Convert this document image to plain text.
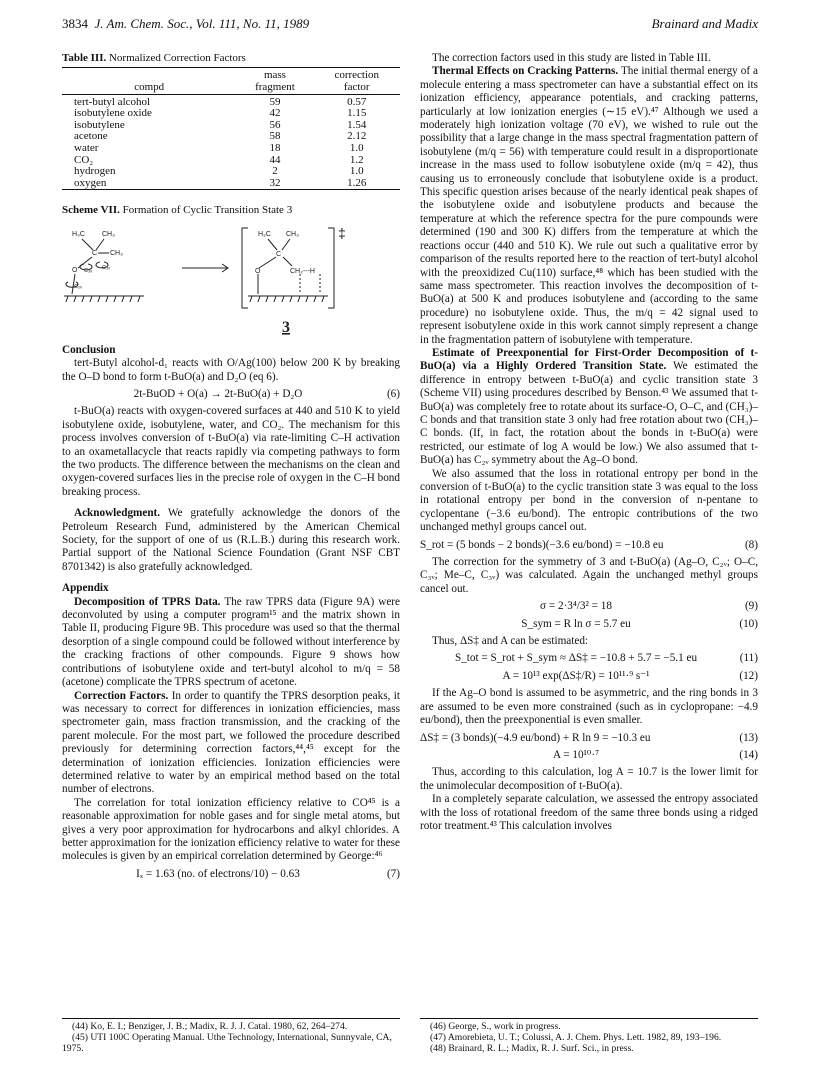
3834 J. Am. Chem. Soc., Vol. 111, No. 11, 1989	Brainard and Madix
Table III. Normalized Correction Factors
	mass	correction
compd	fragment	factor
tert-butyl alcohol	59	0.57
isobutylene oxide	42	1.15
isobutylene	56	1.54
acetone	58	2.12
water	18	1.0
CO₂	44	1.2
hydrogen	2	1.0
oxygen	32	1.26
Scheme VII. Formation of Cyclic Transition State 3
H₃C CH₃
CH₃
C
O C₃ᵥ C₃ᵥ
C₂ᵥ
H₃C CH₃
C
O	CH₂---H
‡
3
Conclusion

tert-Butyl alcohol-d₁ reacts with O/Ag(100) below 200 K by breaking the O–D bond to form t-BuO(a) and D₂O (eq 6).

2t-BuOD + O(a) → 2t-BuO(a) + D₂O	(6)

t-BuO(a) reacts with oxygen-covered surfaces at 440 and 510 K to yield isobutylene oxide, isobutylene, water, and CO₂. The mechanism for this process involves conversion of t-BuO(a) via rate-limiting C–H activation to an oxametallacycle that reacts rapidly via competing pathways to form the two products. The difference between the mechanisms on the clean and oxygen-covered surfaces lies in the precise role of oxygen in the C–H bond breaking process.

Acknowledgment. We gratefully acknowledge the donors of the Petroleum Research Fund, administered by the American Chemical Society, for the support of one of us (R.L.B.) during this research work. Partial support of the National Science Foundation (Grant NSF CBT 8701342) is also gratefully acknowledged.

Appendix

Decomposition of TPRS Data. The raw TPRS data (Figure 9A) were deconvoluted by using a computer program¹⁵ and the matrix shown in Table II, producing Figure 9B. This procedure was used so that the thermal desorption of a single compound could be followed without interference by the cracking fractions of other compounds. Figure 9 shows how contributions of isobutylene oxide and tert-butyl alcohol to m/q = 58 (acetone) complicate the TPRS spectrum of acetone.

Correction Factors. In order to quantify the TPRS desorption peaks, it was necessary to correct for differences in ionization efficiencies, mass spectrometer gain, mass fraction transmission, and the cracking of the parent molecule. For the most part, we followed the procedure described previously for determining correction factors,⁴⁴,⁴⁵ except for the determination of ionization efficiencies. Ionization efficiencies were determined relative to water by an empirical method based on the total number of electrons.

The correlation for total ionization efficiency relative to CO⁴⁵ is a reasonable approximation for noble gases and for single metal atoms, but gives a very poor approximation for hydrocarbons and alkyl chlorides. A better approximation for the ionization efficiency relative to water for these molecules is given by an empirical correlation determined by George:⁴⁶

Iₓ = 1.63 (no. of electrons/10) − 0.63	(7)

The correction factors used in this study are listed in Table III.

Thermal Effects on Cracking Patterns. The initial thermal energy of a molecule entering a mass spectrometer can have a substantial effect on its ionization efficiency, appearance potentials, and cracking patterns, particularly at low ionization energies (∼15 eV).⁴⁷ Although we used a moderately high ionization voltage (70 eV), we wished to rule out the possibility that a large change in the mass spectral fragmentation pattern of isobutylene (m/q = 56) with temperature could result in a disproportionate increase in the mass used to follow isobutylene oxide (m/q = 42), thus causing us to erroneously conclude that isobutylene oxide is a product. This specific question arises because of the nearly identical peak shapes of the isobutylene oxide and isobutylene products and because the temperature at which the reference spectra for the pure compounds were determined (190 and 300 K) differs from the temperature at which the reactions occur (440 and 510 K). We rule out such a qualitative error by comparison of the results reported here to the reaction of tert-butyl alcohol with the preoxidized Cu(110) surface,⁴⁸ which has been studied with the same mass spectrometer. This reaction involves the decomposition of t-BuO(a) at 500 K and produces isobutylene and (according to the same procedure) no isobutylene oxide. Thus, the m/q = 42 signal used to represent isobutylene oxide in this work cannot simply represent a change in the fragmentation pattern of isobutylene with temperature.

Estimate of Preexponential for First-Order Decomposition of t-BuO(a) via a Highly Ordered Transition State. We estimated the difference in entropy between t-BuO(a) and cyclic transition state 3 (Scheme VII) using procedures described by Benson.⁴³ We assumed that t-BuO(a) was completely free to rotate about its surface-O, O–C, and (CH₃)–C bonds and that transition state 3 only had free rotation about two (CH₃)–C bonds. (If, in fact, the rotation about the bonds in t-BuO(a) were restricted, our estimate of log A would be low.) We also assumed that t-BuO(a) has C₂ᵥ symmetry about the Ag–O bond.

We also assumed that the loss in rotational entropy per bond in the conversion of t-BuO(a) to the cyclic transition state 3 was equal to the loss in rotational entropy per bond in the conversion of n-pentane to cyclopentane (−3.6 eu/bond). The entropic contributions of the two unchanged methyl groups cancel out.

S_rot = (5 bonds − 2 bonds)(−3.6 eu/bond) = −10.8 eu	(8)

The correction for the symmetry of 3 and t-BuO(a) (Ag–O, C₂ᵥ; O–C, C₃ᵥ; Me–C, C₃ᵥ) was calculated. Again the unchanged methyl groups cancel out.

σ = 2·3⁴/3² = 18	(9)
S_sym = R ln σ = 5.7 eu	(10)

Thus, ΔS‡ and A can be estimated:

S_tot = S_rot + S_sym ≈ ΔS‡ = −10.8 + 5.7 = −5.1 eu	(11)
A = 10¹³ exp(ΔS‡/R) = 10¹¹·⁹ s⁻¹	(12)

If the Ag–O bond is assumed to be asymmetric, and the ring bonds in 3 are assumed to be even more constrained (such as in cyclopropane: −4.9 eu/bond), then the preexponential is even smaller.

ΔS‡ = (3 bonds)(−4.9 eu/bond) + R ln 9 = −10.3 eu	(13)
A = 10¹⁰·⁷	(14)

Thus, according to this calculation, log A = 10.7 is the lower limit for the unimolecular decomposition of t-BuO(a).

In a completely separate calculation, we assessed the entropy associated with the loss of rotational freedom of the same three bonds using a ridged rotor treatment.⁴³ This calculation involves

(44) Ko, E. I.; Benziger, J. B.; Madix, R. J. J. Catal. 1980, 62, 264–274.
(45) UTI 100C Operating Manual. Uthe Technology, International, Sunnyvale, CA, 1975.
(46) George, S., work in progress.
(47) Amorebieta, U. T.; Colussi, A. J. Chem. Phys. Lett. 1982, 89, 193–196.
(48) Brainard, R. L.; Madix, R. J. Surf. Sci., in press.
